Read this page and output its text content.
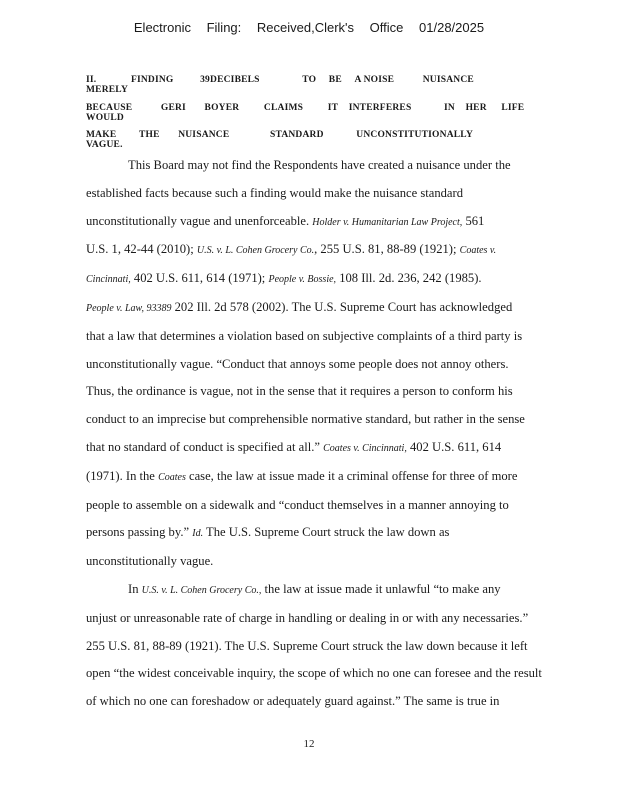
Electronic Filing: Received,Clerk's Office 01/28/2025
II.	FINDING	39DECIBELS	TO BE A NOISE	NUISANCE MERELY
BECAUSE	GERI BOYER	CLAIMS	IT INTERFERES	IN HER LIFE WOULD
MAKE THE NUISANCE	STANDARD	UNCONSTITUTIONALLY VAGUE.

This Board may not find the Respondents have created a nuisance under the
established facts because such a finding would make the nuisance standard
unconstitutionally vague and unenforceable. Holder v. Humanitarian Law Project, 561
U.S. 1, 42-44 (2010); U.S. v. L. Cohen Grocery Co., 255 U.S. 81, 88-89 (1921); Coates v.
Cincinnati, 402 U.S. 611, 614 (1971); People v. Bossie, 108 Ill. 2d. 236, 242 (1985).
People v. Law, 93389 202 Ill. 2d 578 (2002). The U.S. Supreme Court has acknowledged
that a law that determines a violation based on subjective complaints of a third party is
unconstitutionally vague. “Conduct that annoys some people does not annoy others.
Thus, the ordinance is vague, not in the sense that it requires a person to conform his
conduct to an imprecise but comprehensible normative standard, but rather in the sense
that no standard of conduct is specified at all.” Coates v. Cincinnati, 402 U.S. 611, 614
(1971). In the Coates case, the law at issue made it a criminal offense for three of more
people to assemble on a sidewalk and “conduct themselves in a manner annoying to
persons passing by.” Id. The U.S. Supreme Court struck the law down as
unconstitutionally vague.

In U.S. v. L. Cohen Grocery Co., the law at issue made it unlawful “to make any
unjust or unreasonable rate of charge in handling or dealing in or with any necessaries.”
255 U.S. 81, 88-89 (1921). The U.S. Supreme Court struck the law down because it left
open “the widest conceivable inquiry, the scope of which no one can foresee and the result
of which no one can foreshadow or adequately guard against.” The same is true in

12
